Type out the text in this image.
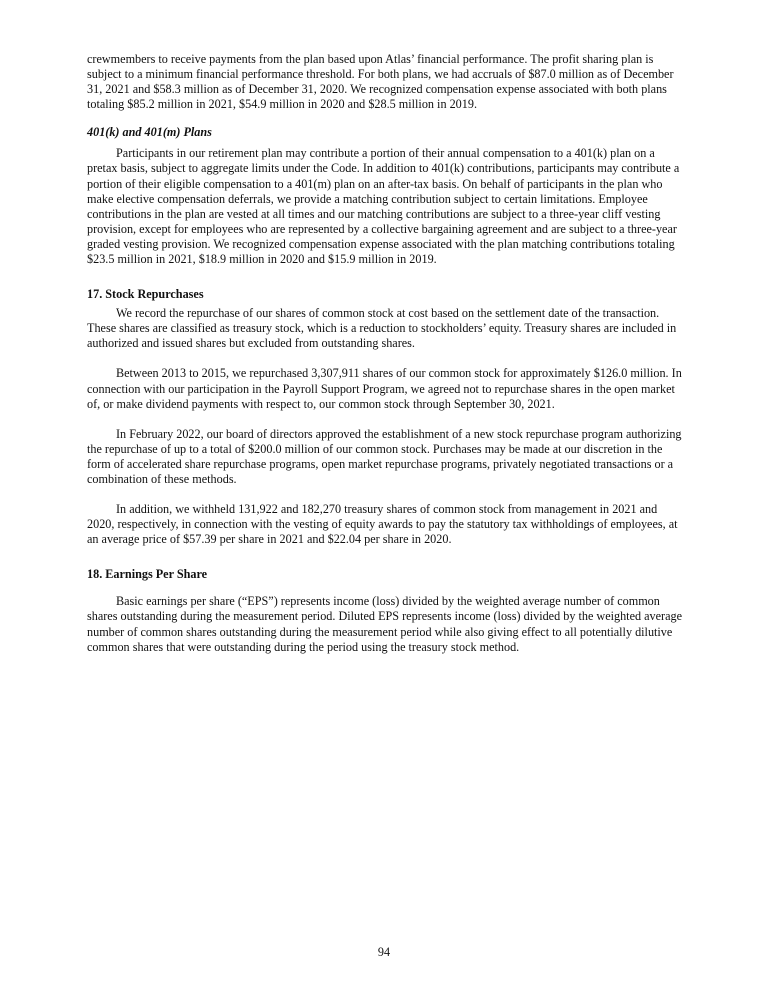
crewmembers to receive payments from the plan based upon Atlas’ financial performance. The profit sharing plan is subject to a minimum financial performance threshold. For both plans, we had accruals of $87.0 million as of December 31, 2021 and $58.3 million as of December 31, 2020. We recognized compensation expense associated with both plans totaling $85.2 million in 2021, $54.9 million in 2020 and $28.5 million in 2019.

401(k) and 401(m) Plans

Participants in our retirement plan may contribute a portion of their annual compensation to a 401(k) plan on a pretax basis, subject to aggregate limits under the Code. In addition to 401(k) contributions, participants may contribute a portion of their eligible compensation to a 401(m) plan on an after-tax basis. On behalf of participants in the plan who make elective compensation deferrals, we provide a matching contribution subject to certain limitations. Employee contributions in the plan are vested at all times and our matching contributions are subject to a three-year cliff vesting provision, except for employees who are represented by a collective bargaining agreement and are subject to a three-year graded vesting provision. We recognized compensation expense associated with the plan matching contributions totaling $23.5 million in 2021, $18.9 million in 2020 and $15.9 million in 2019.

17. Stock Repurchases

We record the repurchase of our shares of common stock at cost based on the settlement date of the transaction. These shares are classified as treasury stock, which is a reduction to stockholders’ equity. Treasury shares are included in authorized and issued shares but excluded from outstanding shares.

Between 2013 to 2015, we repurchased 3,307,911 shares of our common stock for approximately $126.0 million. In connection with our participation in the Payroll Support Program, we agreed not to repurchase shares in the open market of, or make dividend payments with respect to, our common stock through September 30, 2021.

In February 2022, our board of directors approved the establishment of a new stock repurchase program authorizing the repurchase of up to a total of $200.0 million of our common stock. Purchases may be made at our discretion in the form of accelerated share repurchase programs, open market repurchase programs, privately negotiated transactions or a combination of these methods.

In addition, we withheld 131,922 and 182,270 treasury shares of common stock from management in 2021 and 2020, respectively, in connection with the vesting of equity awards to pay the statutory tax withholdings of employees, at an average price of $57.39 per share in 2021 and $22.04 per share in 2020.

18. Earnings Per Share

Basic earnings per share (“EPS”) represents income (loss) divided by the weighted average number of common shares outstanding during the measurement period. Diluted EPS represents income (loss) divided by the weighted average number of common shares outstanding during the measurement period while also giving effect to all potentially dilutive common shares that were outstanding during the period using the treasury stock method.

94
